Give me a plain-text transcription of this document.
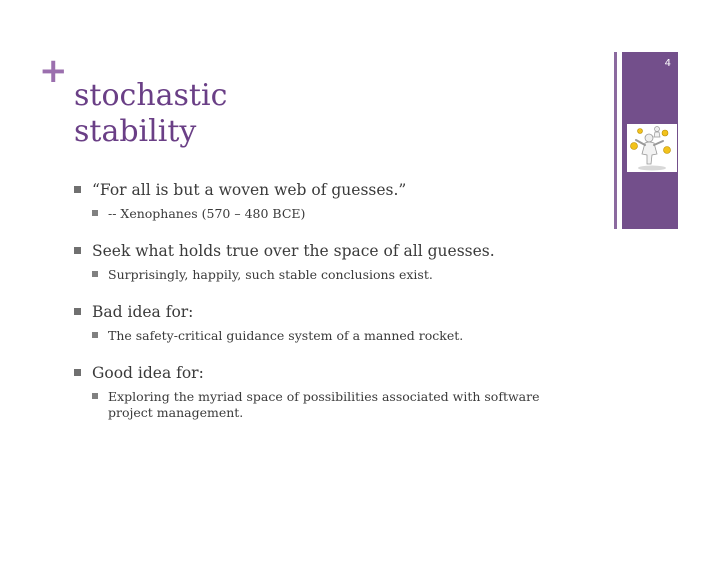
+
stochastic
stability
4
“For all is but a woven web of guesses.”
-- Xenophanes (570 – 480 BCE)
Seek what holds true over the space of all guesses.
Surprisingly, happily, such stable conclusions exist.
Bad idea for:
The safety-critical guidance system of a manned rocket.
Good idea for:
Exploring the myriad space of possibilities associated with software project management.
